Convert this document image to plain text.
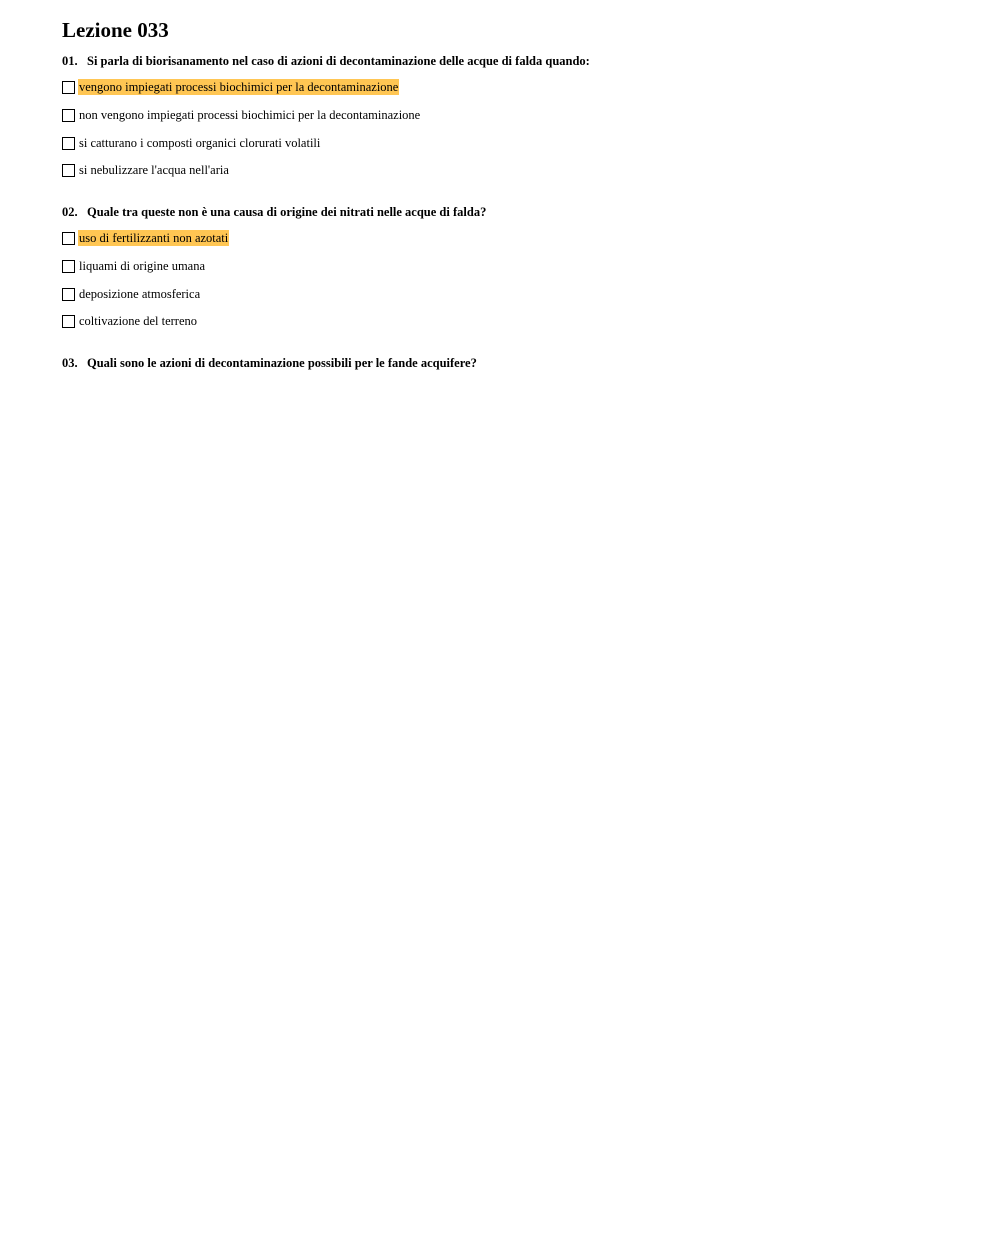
Lezione 033
01. Si parla di biorisanamento nel caso di azioni di decontaminazione delle acque di falda quando:
vengono impiegati processi biochimici per la decontaminazione
non vengono impiegati processi biochimici per la decontaminazione
si catturano i composti organici clorurati volatili
si nebulizzare l'acqua nell'aria
02. Quale tra queste non è una causa di origine dei nitrati nelle acque di falda?
uso di fertilizzanti non azotati
liquami di origine umana
deposizione atmosferica
coltivazione del terreno
03. Quali sono le azioni di decontaminazione possibili per le fande acquifere?
